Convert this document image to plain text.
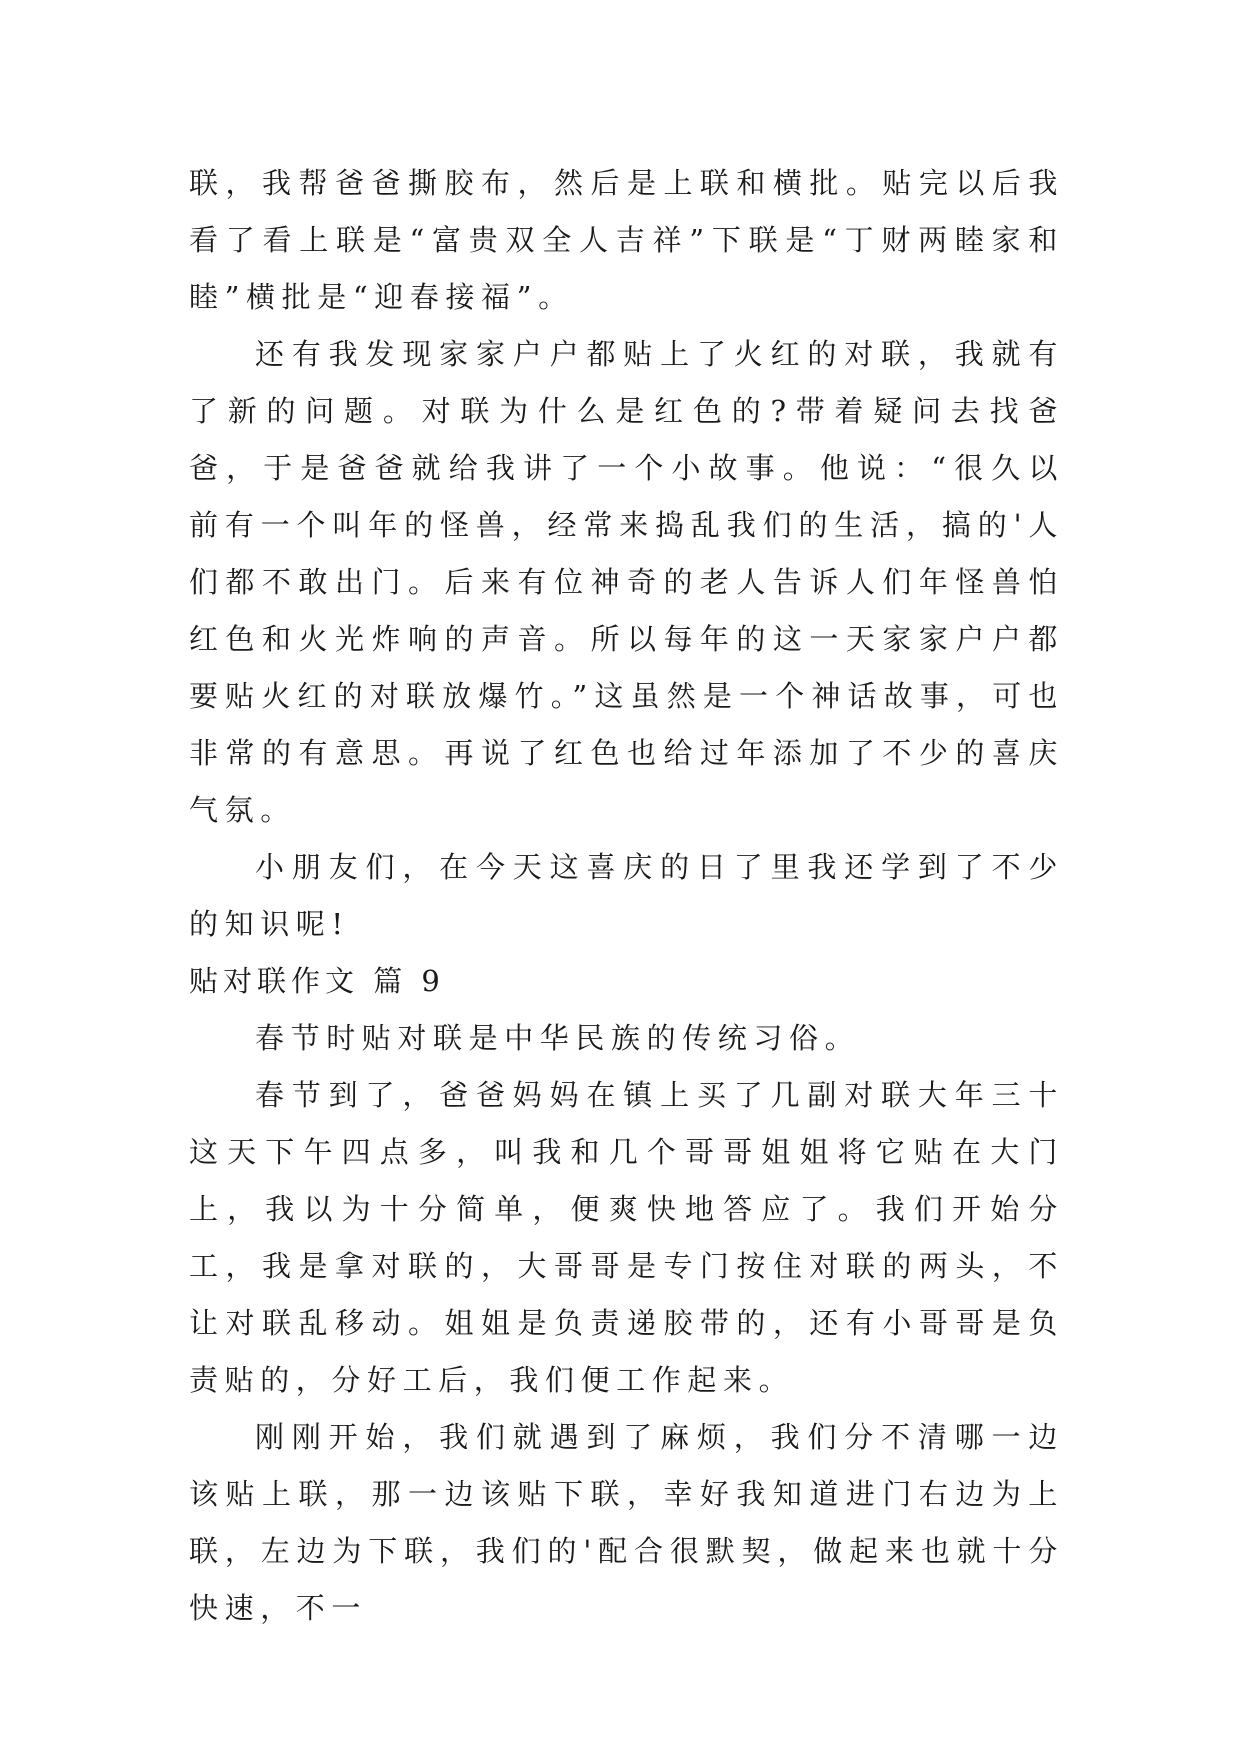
联，我帮爸爸撕胶布，然后是上联和横批。贴完以后我看了看上联是“富贵双全人吉祥”下联是“丁财两睦家和睦”横批是“迎春接福”。

还有我发现家家户户都贴上了火红的对联，我就有了新的问题。对联为什么是红色的?带着疑问去找爸爸，于是爸爸就给我讲了一个小故事。他说：“很久以前有一个叫年的怪兽，经常来捣乱我们的生活，搞的'人们都不敢出门。后来有位神奇的老人告诉人们年怪兽怕红色和火光炸响的声音。所以每年的这一天家家户户都要贴火红的对联放爆竹。”这虽然是一个神话故事，可也非常的有意思。再说了红色也给过年添加了不少的喜庆气氛。

小朋友们，在今天这喜庆的日了里我还学到了不少的知识呢!

贴对联作文 篇 9

春节时贴对联是中华民族的传统习俗。

春节到了，爸爸妈妈在镇上买了几副对联大年三十这天下午四点多，叫我和几个哥哥姐姐将它贴在大门上，我以为十分简单，便爽快地答应了。我们开始分工，我是拿对联的，大哥哥是专门按住对联的两头，不让对联乱移动。姐姐是负责递胶带的，还有小哥哥是负责贴的，分好工后，我们便工作起来。

刚刚开始，我们就遇到了麻烦，我们分不清哪一边该贴上联，那一边该贴下联，幸好我知道进门右边为上联，左边为下联，我们的'配合很默契，做起来也就十分快速，不一
